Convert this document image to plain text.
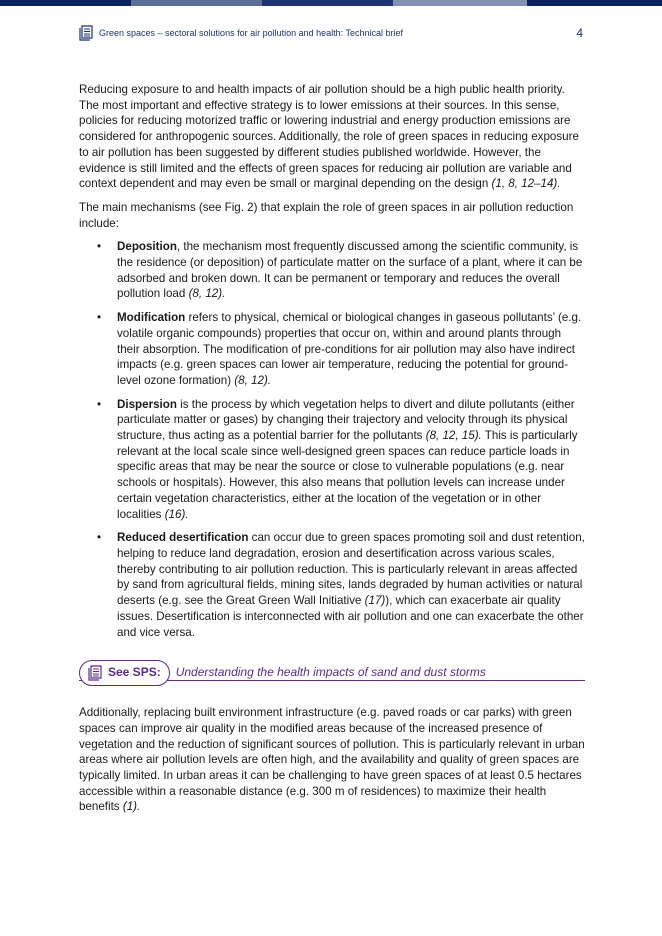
Green spaces – sectoral solutions for air pollution and health: Technical brief	4

Reducing exposure to and health impacts of air pollution should be a high public health priority. The most important and effective strategy is to lower emissions at their sources. In this sense, policies for reducing motorized traffic or lowering industrial and energy production emissions are considered for anthropogenic sources. Additionally, the role of green spaces in reducing exposure to air pollution has been suggested by different studies published worldwide. However, the evidence is still limited and the effects of green spaces for reducing air pollution are variable and context dependent and may even be small or marginal depending on the design (1, 8, 12–14).

The main mechanisms (see Fig. 2) that explain the role of green spaces in air pollution reduction include:

• Deposition, the mechanism most frequently discussed among the scientific community, is the residence (or deposition) of particulate matter on the surface of a plant, where it can be adsorbed and broken down. It can be permanent or temporary and reduces the overall pollution load (8, 12).
• Modification refers to physical, chemical or biological changes in gaseous pollutants’ (e.g. volatile organic compounds) properties that occur on, within and around plants through their absorption. The modification of pre-conditions for air pollution may also have indirect impacts (e.g. green spaces can lower air temperature, reducing the potential for ground-level ozone formation) (8, 12).
• Dispersion is the process by which vegetation helps to divert and dilute pollutants (either particulate matter or gases) by changing their trajectory and velocity through its physical structure, thus acting as a potential barrier for the pollutants (8, 12, 15). This is particularly relevant at the local scale since well-designed green spaces can reduce particle loads in specific areas that may be near the source or close to vulnerable populations (e.g. near schools or hospitals). However, this also means that pollution levels can increase under certain vegetation characteristics, either at the location of the vegetation or in other localities (16).
• Reduced desertification can occur due to green spaces promoting soil and dust retention, helping to reduce land degradation, erosion and desertification across various scales, thereby contributing to air pollution reduction. This is particularly relevant in areas affected by sand from agricultural fields, mining sites, lands degraded by human activities or natural deserts (e.g. see the Great Green Wall Initiative (17)), which can exacerbate air quality issues. Desertification is interconnected with air pollution and one can exacerbate the other and vice versa.
See SPS: Understanding the health impacts of sand and dust storms

Additionally, replacing built environment infrastructure (e.g. paved roads or car parks) with green spaces can improve air quality in the modified areas because of the increased presence of vegetation and the reduction of significant sources of pollution. This is particularly relevant in urban areas where air pollution levels are often high, and the availability and quality of green spaces are typically limited. In urban areas it can be challenging to have green spaces of at least 0.5 hectares accessible within a reasonable distance (e.g. 300 m of residences) to maximize their health benefits (1).
